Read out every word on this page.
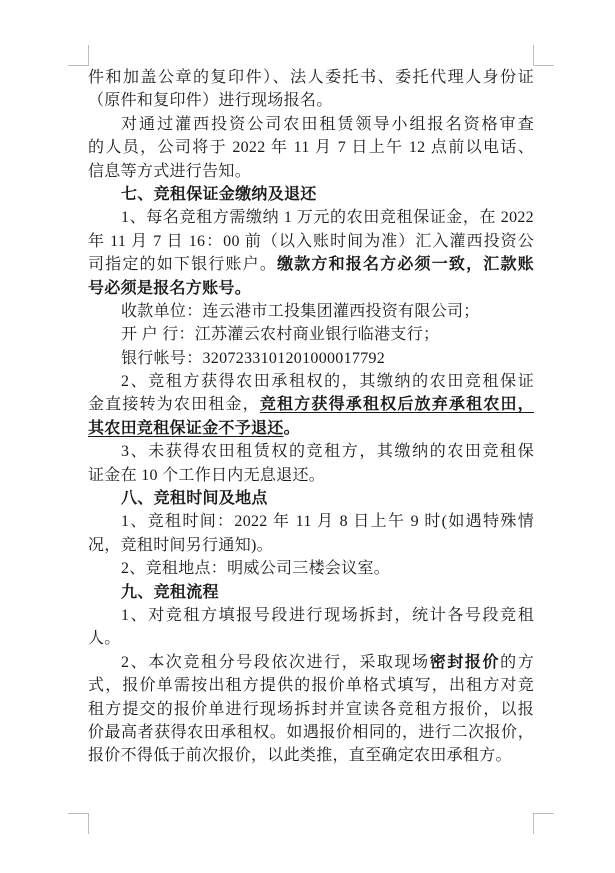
件和加盖公章的复印件）、法人委托书、委托代理人身份证
（原件和复印件）进行现场报名。
对通过灌西投资公司农田租赁领导小组报名资格审查
的人员，公司将于 2022 年 11 月 7 日上午 12 点前以电话、
信息等方式进行告知。
七、竞租保证金缴纳及退还
1、每名竞租方需缴纳 1 万元的农田竞租保证金，在 2022
年 11 月 7 日 16：00 前（以入账时间为准）汇入灌西投资公
司指定的如下银行账户。缴款方和报名方必须一致，汇款账
号必须是报名方账号。
收款单位：连云港市工投集团灌西投资有限公司；
开 户 行：江苏灌云农村商业银行临港支行；
银行帐号：3207233101201000017792
2、竞租方获得农田承租权的，其缴纳的农田竞租保证
金直接转为农田租金，竞租方获得承租权后放弃承租农田，
其农田竞租保证金不予退还。
3、未获得农田租赁权的竞租方，其缴纳的农田竞租保
证金在 10 个工作日内无息退还。
八、竞租时间及地点
1、竞租时间：2022 年 11 月 8 日上午 9 时(如遇特殊情
况，竞租时间另行通知)。
2、竞租地点：明威公司三楼会议室。
九、竞租流程
1、对竞租方填报号段进行现场拆封，统计各号段竞租
人。
2、本次竞租分号段依次进行，采取现场密封报价的方
式，报价单需按出租方提供的报价单格式填写，出租方对竞
租方提交的报价单进行现场拆封并宣读各竞租方报价，以报
价最高者获得农田承租权。如遇报价相同的，进行二次报价，
报价不得低于前次报价，以此类推，直至确定农田承租方。
